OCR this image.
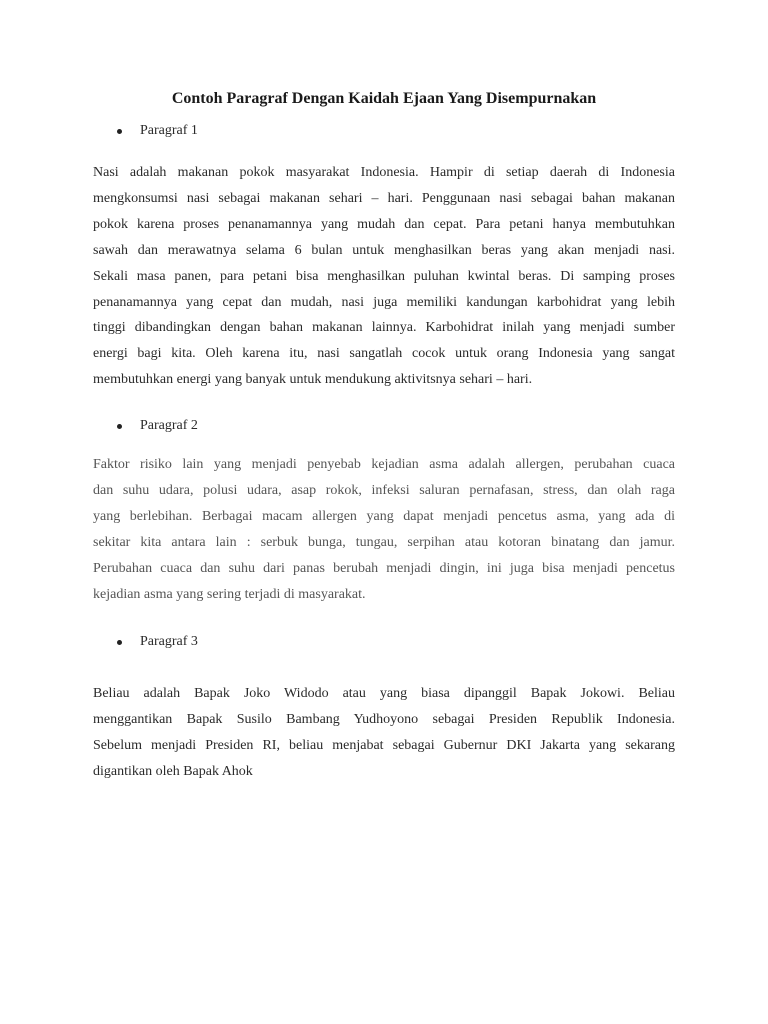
Contoh Paragraf Dengan Kaidah Ejaan Yang Disempurnakan
Paragraf 1
Nasi adalah makanan pokok masyarakat Indonesia. Hampir di setiap daerah di Indonesia
mengkonsumsi nasi sebagai makanan sehari – hari. Penggunaan nasi sebagai bahan makanan
pokok karena proses penanamannya yang mudah dan cepat. Para petani hanya membutuhkan
sawah dan merawatnya selama 6 bulan untuk menghasilkan beras yang akan menjadi nasi.
Sekali masa panen, para petani bisa menghasilkan puluhan kwintal beras. Di samping proses
penanamannya yang cepat dan mudah, nasi juga memiliki kandungan karbohidrat yang lebih
tinggi dibandingkan dengan bahan makanan lainnya. Karbohidrat inilah yang menjadi sumber
energi bagi kita. Oleh karena itu, nasi sangatlah cocok untuk orang Indonesia yang sangat
membutuhkan energi yang banyak untuk mendukung aktivitsnya sehari – hari.
Paragraf 2
Faktor risiko lain yang menjadi penyebab kejadian asma adalah allergen, perubahan cuaca
dan suhu udara, polusi udara, asap rokok, infeksi saluran pernafasan, stress, dan olah raga
yang berlebihan. Berbagai macam allergen yang dapat menjadi pencetus asma, yang ada di
sekitar kita antara lain : serbuk bunga, tungau, serpihan atau kotoran binatang dan jamur.
Perubahan cuaca dan suhu dari panas berubah menjadi dingin, ini juga bisa menjadi pencetus
kejadian asma yang sering terjadi di masyarakat.
Paragraf 3
Beliau adalah Bapak Joko Widodo atau yang biasa dipanggil Bapak Jokowi. Beliau
menggantikan Bapak Susilo Bambang Yudhoyono sebagai Presiden Republik Indonesia.
Sebelum menjadi Presiden RI, beliau menjabat sebagai Gubernur DKI Jakarta yang sekarang
digantikan oleh Bapak Ahok
